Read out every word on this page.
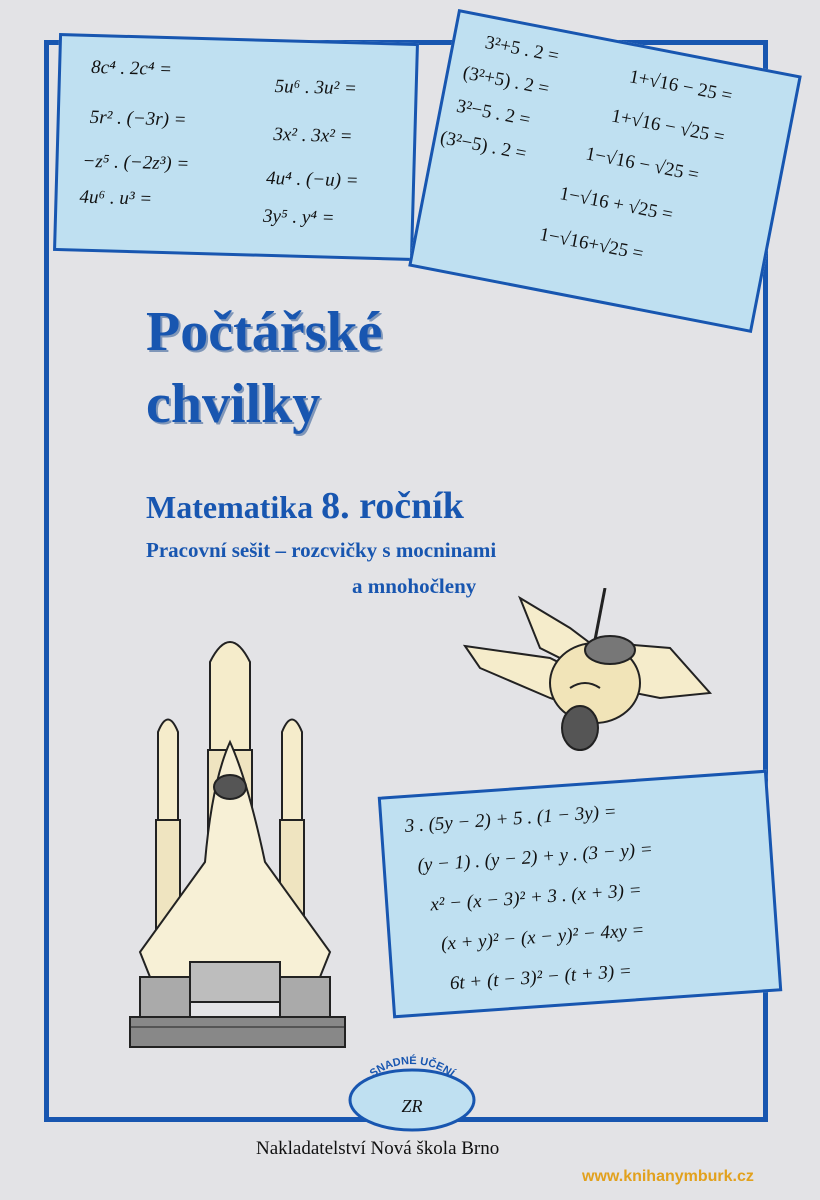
8c⁴ . 2c⁴ =
5u⁶ . 3u² =
5r² . (−3r) =
3x² . 3x² =
−z⁵ . (−2z³) =
4u⁴ . (−u) =
4u⁶ . u³ =
3y⁵ . y⁴ =
3²+5 . 2 =
(3²+5) . 2 =
3²−5 . 2 =
(3²−5) . 2 =
1+√16 − 25 =
1+√16 − √25 =
1−√16 − √25 =
1−√16 + √25 =
1−√16+√25 =
Počtářské
chvilky
Matematika 8. ročník
Pracovní sešit – rozcvičky s mocninami
a mnohočleny
3 . (5y − 2) + 5 . (1 − 3y) =
(y − 1) . (y − 2) + y . (3 − y) =
x² − (x − 3)² + 3 . (x + 3) =
(x + y)² − (x − y)² − 4xy =
6t + (t − 3)² − (t + 3) =
SNADNÉ UČENÍ
ZR
Nakladatelství Nová škola Brno
www.knihanymburk.cz
